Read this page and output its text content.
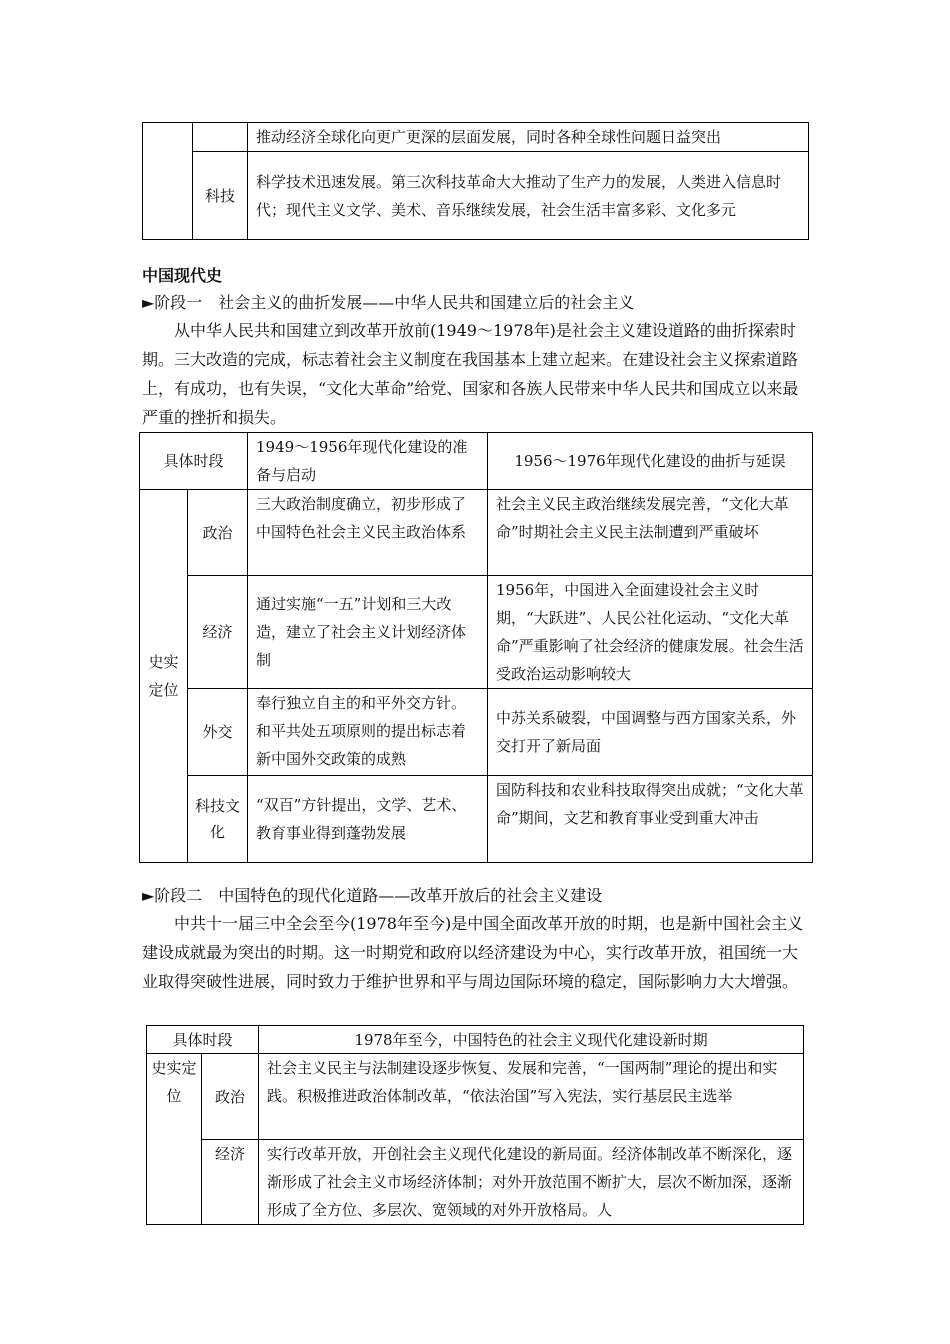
		推动经济全球化向更广更深的层面发展，同时各种全球性问题日益突出
	科技	科学技术迅速发展。第三次科技革命大大推动了生产力的发展，人类进入信息时代；现代主义文学、美术、音乐继续发展，社会生活丰富多彩、文化多元
中国现代史
►阶段一　社会主义的曲折发展——中华人民共和国建立后的社会主义
从中华人民共和国建立到改革开放前(1949～1978年)是社会主义建设道路的曲折探索时期。三大改造的完成，标志着社会主义制度在我国基本上建立起来。在建设社会主义探索道路上，有成功，也有失误，“文化大革命”给党、国家和各族人民带来中华人民共和国成立以来最严重的挫折和损失。
具体时段		1949～1956年现代化建设的准备与启动	1956～1976年现代化建设的曲折与延误
史实定位	政治	三大政治制度确立，初步形成了中国特色社会主义民主政治体系	社会主义民主政治继续发展完善，“文化大革命”时期社会主义民主法制遭到严重破坏
	经济	通过实施“一五”计划和三大改造，建立了社会主义计划经济体制	1956年，中国进入全面建设社会主义时期，“大跃进”、人民公社化运动、“文化大革命”严重影响了社会经济的健康发展。社会生活受政治运动影响较大
	外交	奉行独立自主的和平外交方针。和平共处五项原则的提出标志着新中国外交政策的成熟	中苏关系破裂，中国调整与西方国家关系，外交打开了新局面
	科技文化	“双百”方针提出，文学、艺术、教育事业得到蓬勃发展	国防科技和农业科技取得突出成就；“文化大革命”期间，文艺和教育事业受到重大冲击
►阶段二　中国特色的现代化道路——改革开放后的社会主义建设
中共十一届三中全会至今(1978年至今)是中国全面改革开放的时期，也是新中国社会主义建设成就最为突出的时期。这一时期党和政府以经济建设为中心，实行改革开放，祖国统一大业取得突破性进展，同时致力于维护世界和平与周边国际环境的稳定，国际影响力大大增强。
具体时段		1978年至今，中国特色的社会主义现代化建设新时期
史实定位	政治	社会主义民主与法制建设逐步恢复、发展和完善，“一国两制”理论的提出和实践。积极推进政治体制改革，“依法治国”写入宪法，实行基层民主选举
	经济	实行改革开放，开创社会主义现代化建设的新局面。经济体制改革不断深化，逐渐形成了社会主义市场经济体制；对外开放范围不断扩大，层次不断加深，逐渐形成了全方位、多层次、宽领域的对外开放格局。人
